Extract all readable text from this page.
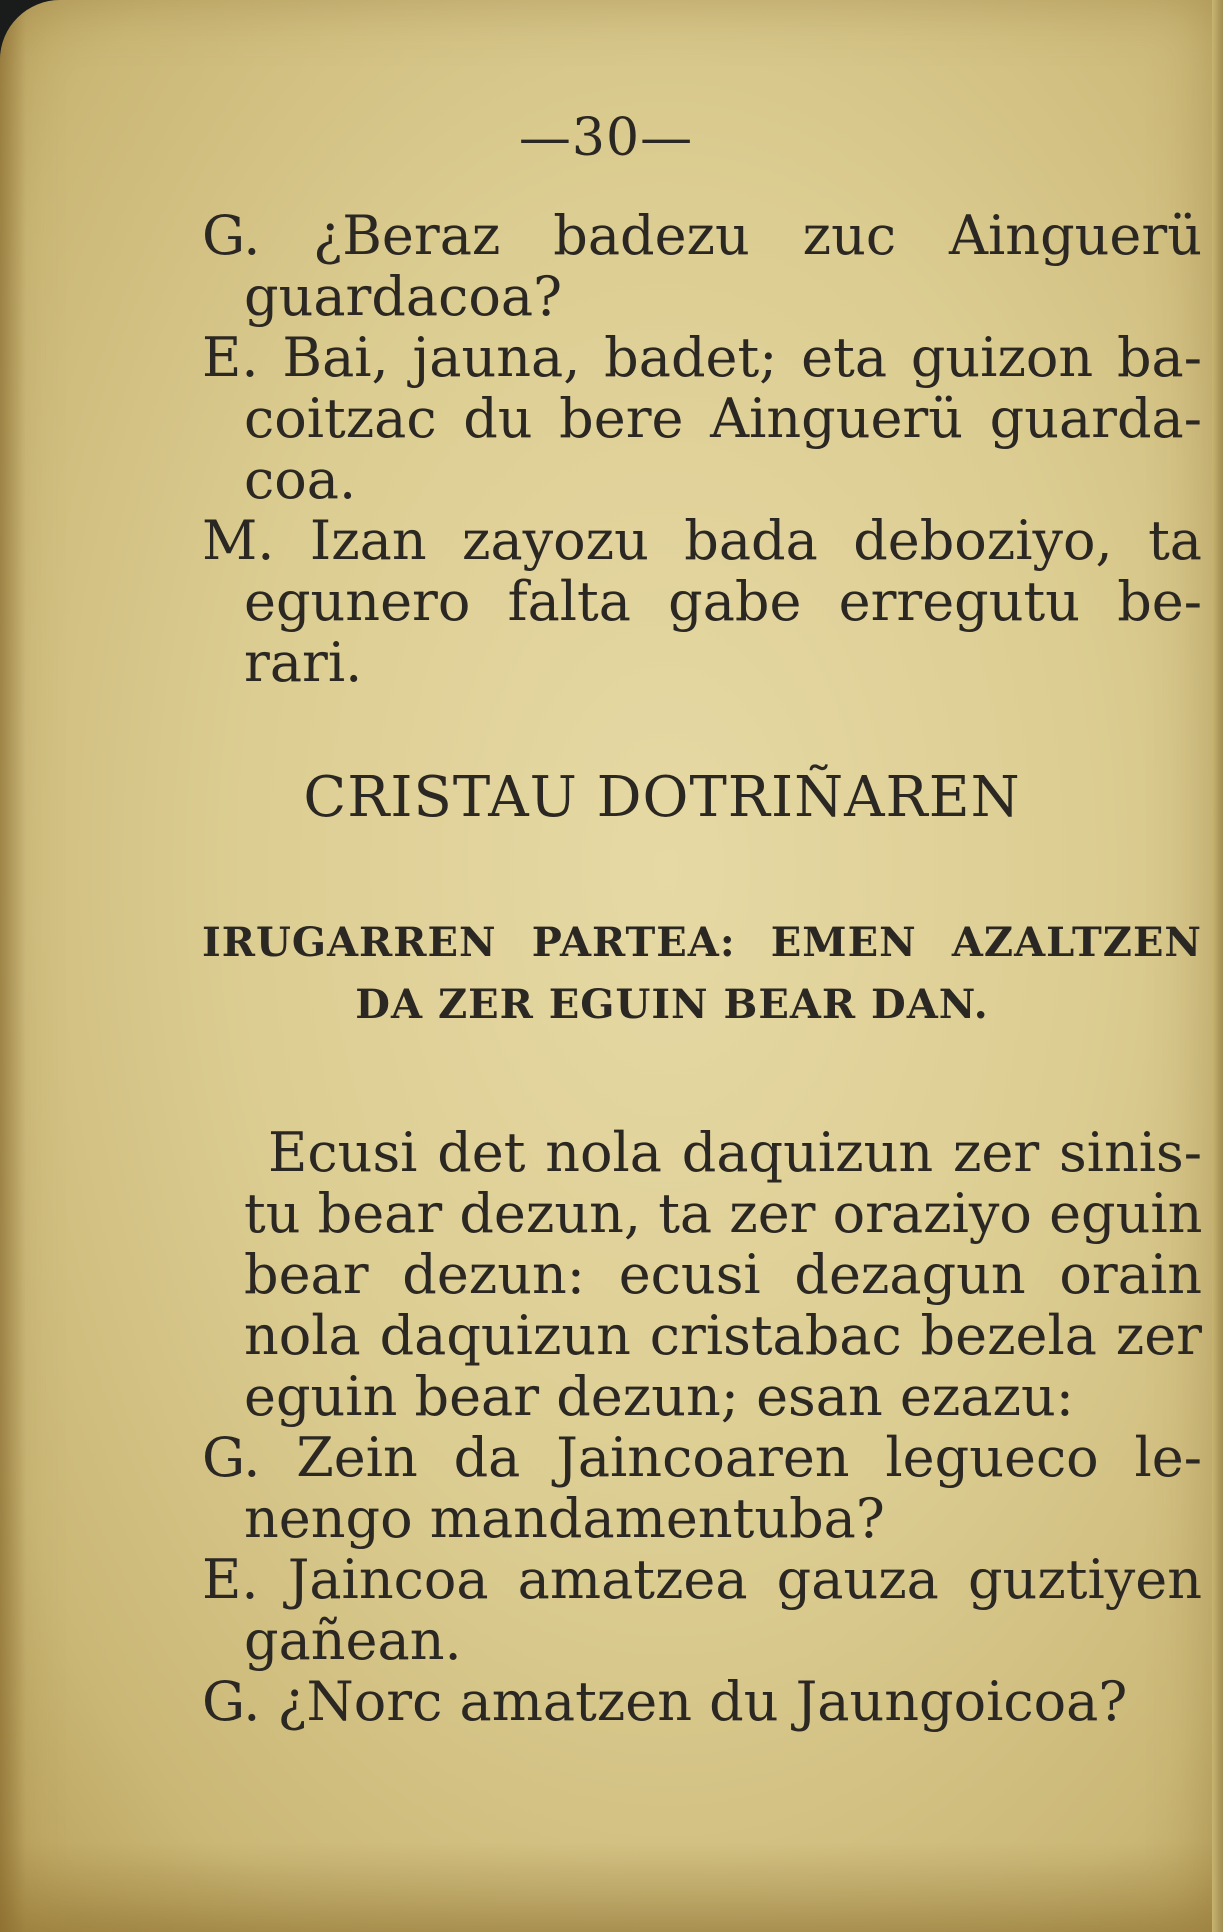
—30—
G. ¿Beraz badezu zuc Ainguerü
guardacoa?
E. Bai, jauna, badet; eta guizon ba-
coitzac du bere Ainguerü guarda-
coa.
M. Izan zayozu bada deboziyo, ta
egunero falta gabe erregutu be-
rari.
CRISTAU DOTRIÑAREN
IRUGARREN PARTEA: EMEN AZALTZEN
DA ZER EGUIN BEAR DAN.
Ecusi det nola daquizun zer sinis-
tu bear dezun, ta zer oraziyo eguin
bear dezun: ecusi dezagun orain
nola daquizun cristabac bezela zer
eguin bear dezun; esan ezazu:
G. Zein da Jaincoaren legueco le-
nengo mandamentuba?
E. Jaincoa amatzea gauza guztiyen
gañean.
G. ¿Norc amatzen du Jaungoicoa?
